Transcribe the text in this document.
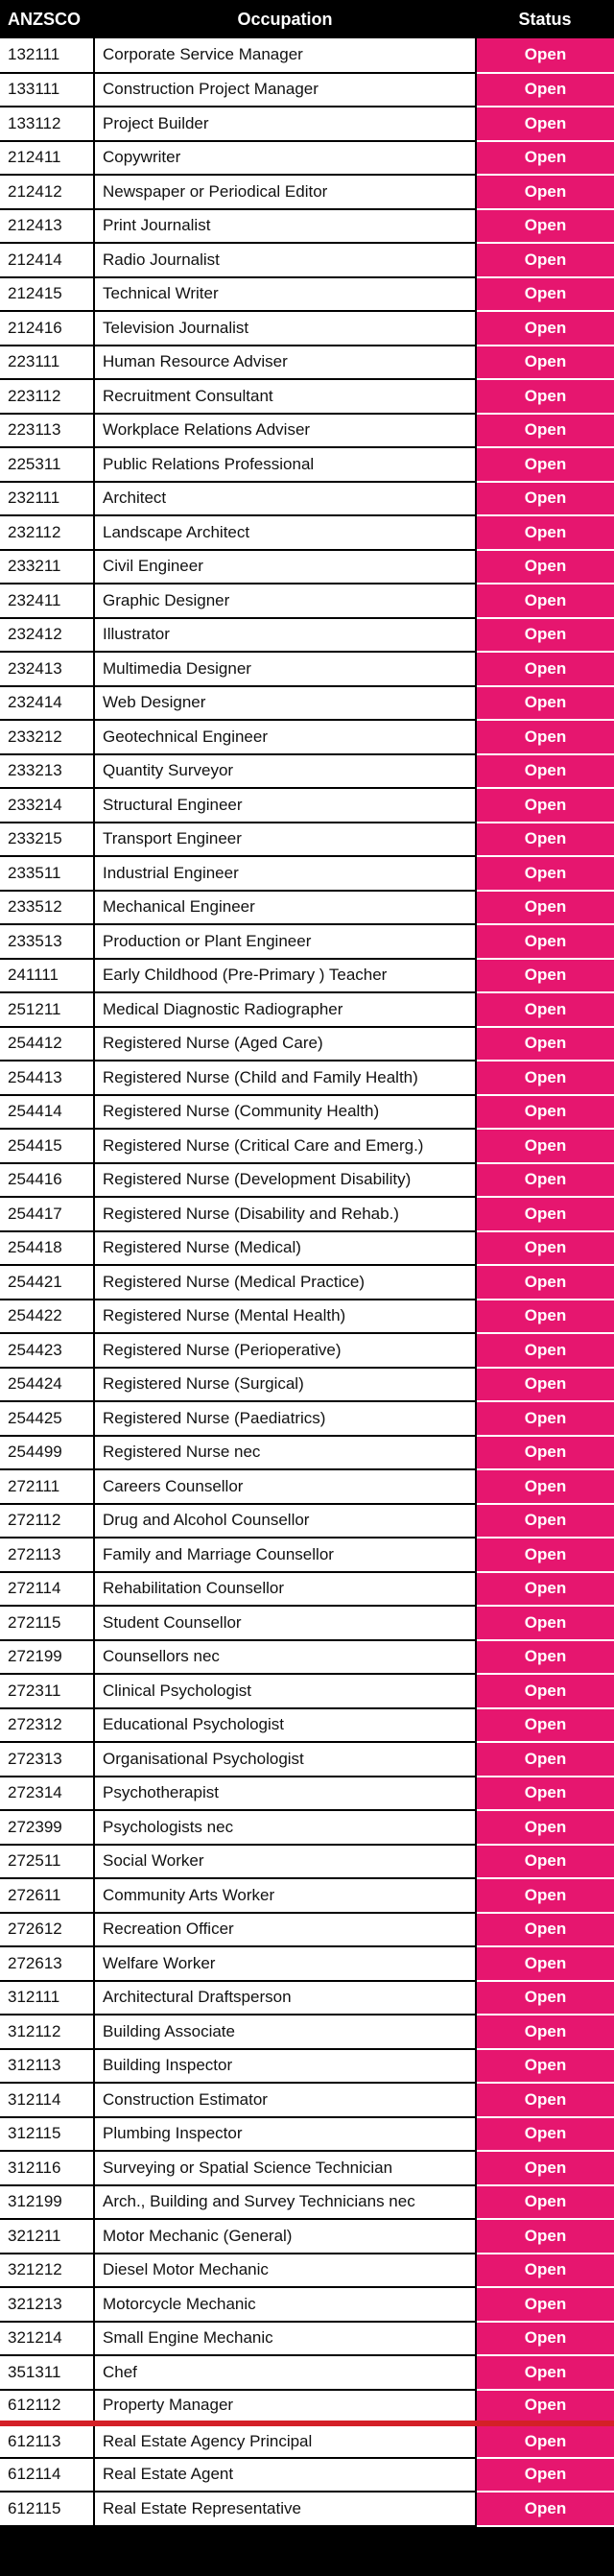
ANZSCO	Occupation	Status
132111	Corporate Service Manager	Open
133111	Construction Project Manager	Open
133112	Project Builder	Open
212411	Copywriter	Open
212412	Newspaper or Periodical Editor	Open
212413	Print Journalist	Open
212414	Radio Journalist	Open
212415	Technical Writer	Open
212416	Television Journalist	Open
223111	Human Resource Adviser	Open
223112	Recruitment Consultant	Open
223113	Workplace Relations Adviser	Open
225311	Public Relations Professional	Open
232111	Architect	Open
232112	Landscape Architect	Open
233211	Civil Engineer	Open
232411	Graphic Designer	Open
232412	Illustrator	Open
232413	Multimedia Designer	Open
232414	Web Designer	Open
233212	Geotechnical Engineer	Open
233213	Quantity Surveyor	Open
233214	Structural Engineer	Open
233215	Transport Engineer	Open
233511	Industrial Engineer	Open
233512	Mechanical Engineer	Open
233513	Production or Plant Engineer	Open
241111	Early Childhood (Pre-Primary ) Teacher	Open
251211	Medical Diagnostic Radiographer	Open
254412	Registered Nurse (Aged Care)	Open
254413	Registered Nurse (Child and Family Health)	Open
254414	Registered Nurse (Community Health)	Open
254415	Registered Nurse (Critical Care and Emerg.)	Open
254416	Registered Nurse (Development Disability)	Open
254417	Registered Nurse (Disability and Rehab.)	Open
254418	Registered Nurse (Medical)	Open
254421	Registered Nurse (Medical Practice)	Open
254422	Registered Nurse (Mental Health)	Open
254423	Registered Nurse (Perioperative)	Open
254424	Registered Nurse (Surgical)	Open
254425	Registered Nurse (Paediatrics)	Open
254499	Registered Nurse nec	Open
272111	Careers Counsellor	Open
272112	Drug and Alcohol Counsellor	Open
272113	Family and Marriage Counsellor	Open
272114	Rehabilitation Counsellor	Open
272115	Student Counsellor	Open
272199	Counsellors nec	Open
272311	Clinical Psychologist	Open
272312	Educational Psychologist	Open
272313	Organisational Psychologist	Open
272314	Psychotherapist	Open
272399	Psychologists nec	Open
272511	Social Worker	Open
272611	Community Arts Worker	Open
272612	Recreation Officer	Open
272613	Welfare Worker	Open
312111	Architectural Draftsperson	Open
312112	Building Associate	Open
312113	Building Inspector	Open
312114	Construction Estimator	Open
312115	Plumbing Inspector	Open
312116	Surveying or Spatial Science Technician	Open
312199	Arch., Building and Survey Technicians nec	Open
321211	Motor Mechanic (General)	Open
321212	Diesel Motor Mechanic	Open
321213	Motorcycle Mechanic	Open
321214	Small Engine Mechanic	Open
351311	Chef	Open
612112	Property Manager	Open
612113	Real Estate Agency Principal	Open
612114	Real Estate Agent	Open
612115	Real Estate Representative	Open
